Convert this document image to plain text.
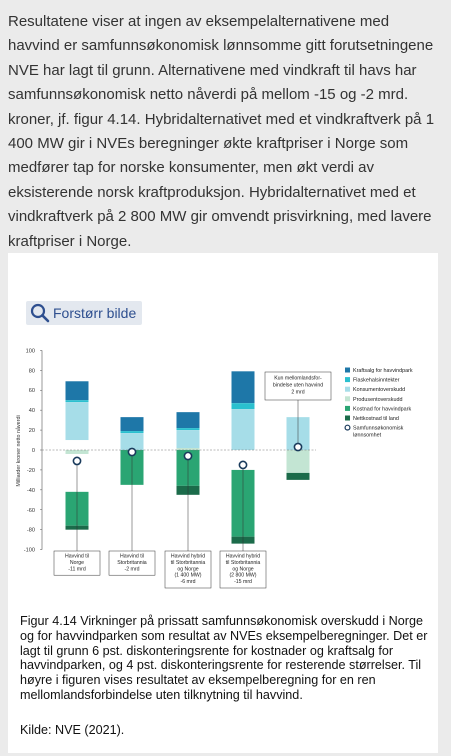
Resultatene viser at ingen av eksempelalternativene med havvind er samfunnsøkonomisk lønnsomme gitt forutsetningene NVE har lagt til grunn. Alternativene med vindkraft til havs har samfunnsøkonomisk netto nåverdi på mellom -15 og -2 mrd. kroner, jf. figur 4.14. Hybridalternativet med et vindkraftverk på 1 400 MW gir i NVEs beregninger økte kraftpriser i Norge som medfører tap for norske konsumenter, men økt verdi av eksisterende norsk kraftproduksjon. Hybridalternativet med et vindkraftverk på 2 800 MW gir omvendt prisvirkning, med lavere kraftpriser i Norge.
Forstørr bilde
Milliarder kroner netto nåverdi
100
80
60
40
20
0
-20
-40
-60
-80
-100
Havvind til
Norge
-11 mrd
Havvind til
Storbritannia
-2 mrd
Havvind hybrid
til Storbritannia
og Norge
(1 400 MW)
-6 mrd
Havvind hybrid
til Storbritannia
og Norge
(2 800 MW)
-15 mrd
Kun mellomlandsfor-
bindelse uten havvind
2 mrd
Kraftsalg for havvindpark
Flaskehalsinntekter
Konsumentoverskudd
Produsentoverskudd
Kostnad for havvindpark
Nettkostnad til land
Samfunnsøkonomisk
lønnsomhet
Figur 4.14 Virkninger på prissatt samfunnsøkonomisk overskudd i Norge og for havvindparken som resultat av NVEs eksempelberegninger. Det er lagt til grunn 6 pst. diskonteringsrente for kostnader og kraftsalg for havvindparken, og 4 pst. diskonteringsrente for resterende størrelser. Til høyre i figuren vises resultatet av eksempelberegning for en ren mellomlandsforbindelse uten tilknytning til havvind.
Kilde: NVE (2021).
